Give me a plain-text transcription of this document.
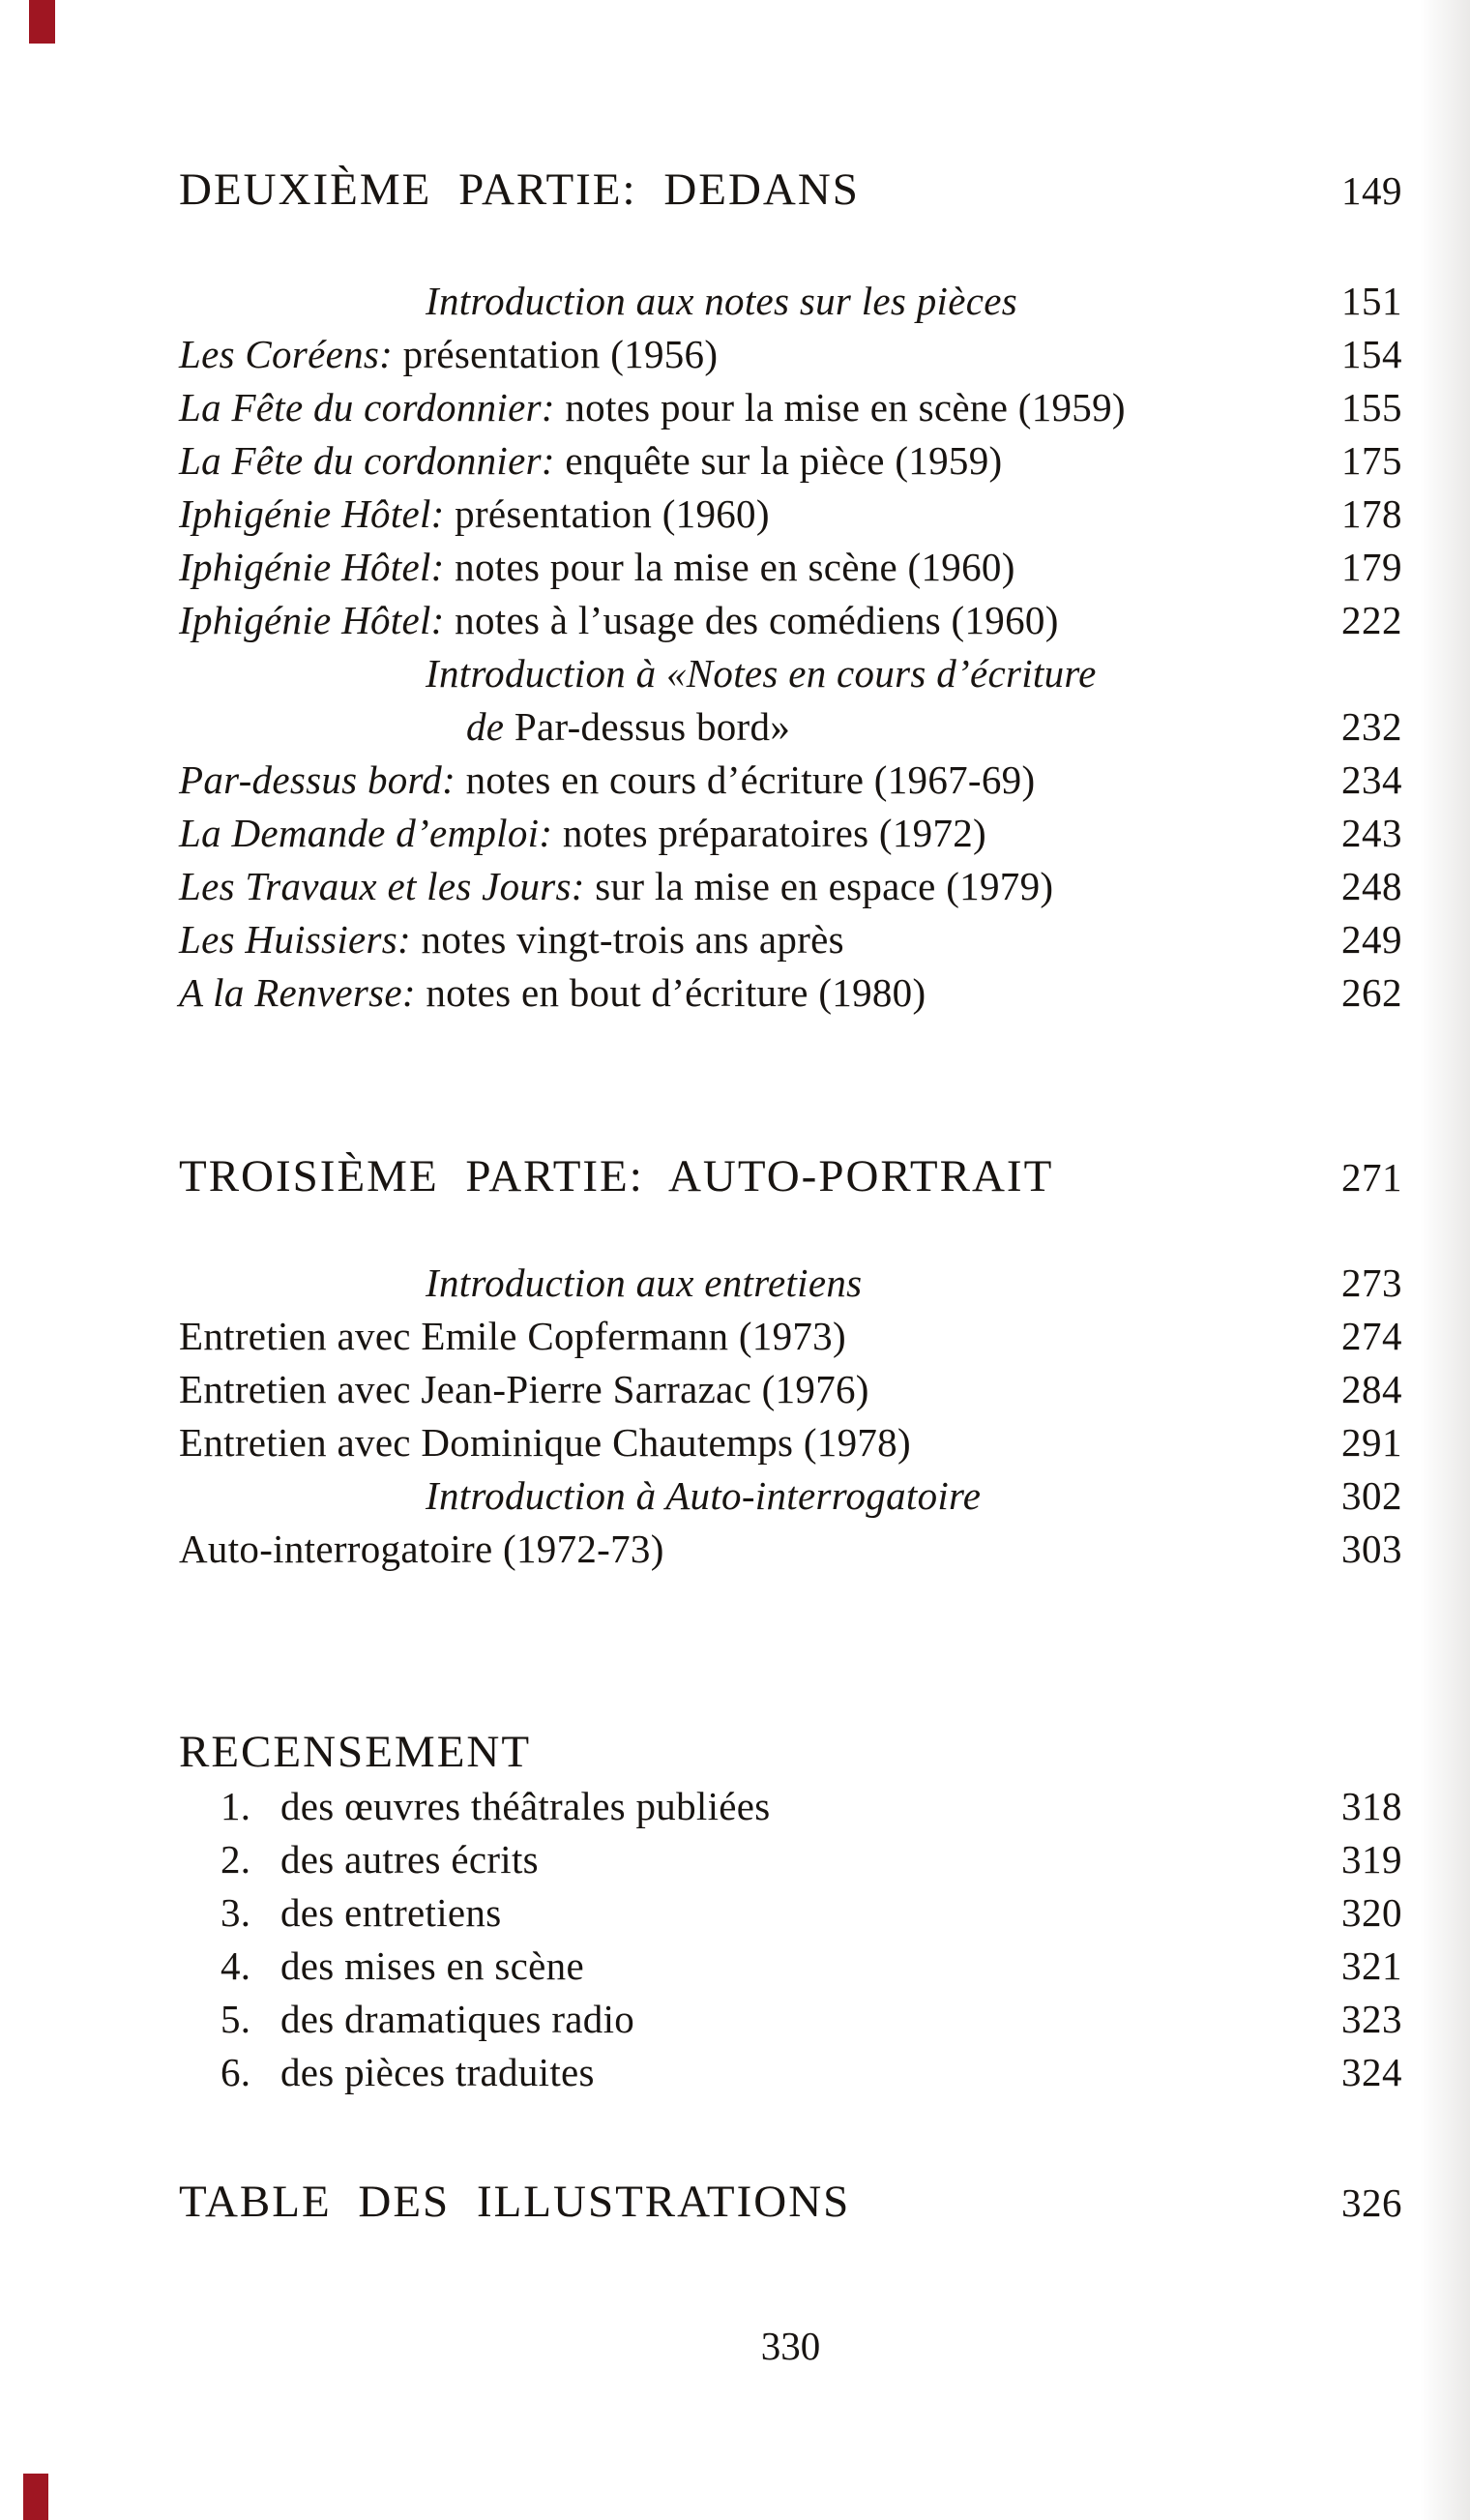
DEUXIÈME PARTIE: DEDANS	149
Introduction aux notes sur les pièces	151
Les Coréens: présentation (1956)	154
La Fête du cordonnier: notes pour la mise en scène (1959)	155
La Fête du cordonnier: enquête sur la pièce (1959)	175
Iphigénie Hôtel: présentation (1960)	178
Iphigénie Hôtel: notes pour la mise en scène (1960)	179
Iphigénie Hôtel: notes à l’usage des comédiens (1960)	222
Introduction à «Notes en cours d’écriture
de Par-dessus bord»	232
Par-dessus bord: notes en cours d’écriture (1967-69)	234
La Demande d’emploi: notes préparatoires (1972)	243
Les Travaux et les Jours: sur la mise en espace (1979)	248
Les Huissiers: notes vingt-trois ans après	249
A la Renverse: notes en bout d’écriture (1980)	262
TROISIÈME PARTIE: AUTO-PORTRAIT	271
Introduction aux entretiens	273
Entretien avec Emile Copfermann (1973)	274
Entretien avec Jean-Pierre Sarrazac (1976)	284
Entretien avec Dominique Chautemps (1978)	291
Introduction à Auto-interrogatoire	302
Auto-interrogatoire (1972-73)	303
RECENSEMENT
1. des œuvres théâtrales publiées	318
2. des autres écrits	319
3. des entretiens	320
4. des mises en scène	321
5. des dramatiques radio	323
6. des pièces traduites	324
TABLE DES ILLUSTRATIONS	326
330
